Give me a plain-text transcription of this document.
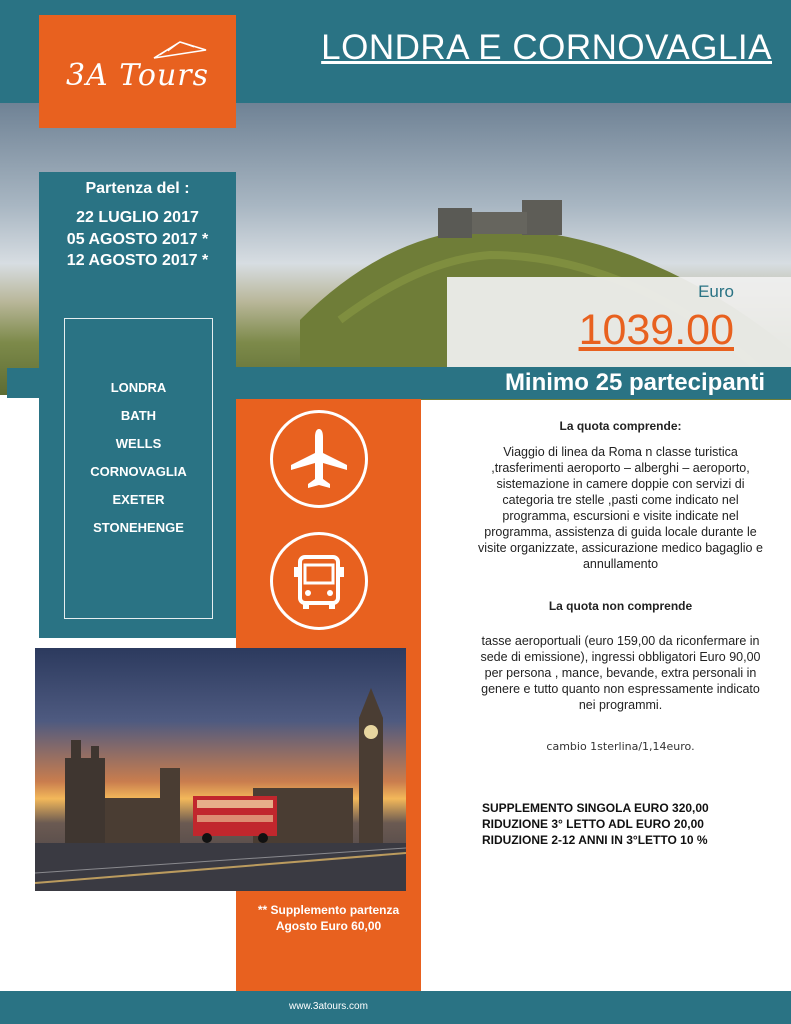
3A Tours
LONDRA E CORNOVAGLIA
Partenza del :
22 LUGLIO 2017
05 AGOSTO 2017 *
12 AGOSTO 2017 *
LONDRA
BATH
WELLS
CORNOVAGLIA
EXETER
STONEHENGE
Euro
1039.00
Minimo 25 partecipanti
** Supplemento partenza Agosto Euro 60,00
La quota comprende:
Viaggio di linea da Roma n classe turistica ,trasferimenti aeroporto – alberghi – aeroporto, sistemazione in camere doppie con servizi di categoria tre stelle ,pasti come indicato nel programma, escursioni e visite indicate nel programma, assistenza di guida locale durante le visite organizzate, assicurazione medico bagaglio e annullamento
La quota non comprende
tasse aeroportuali (euro 159,00 da riconfermare in sede di emissione), ingressi obbligatori Euro 90,00 per persona , mance, bevande, extra personali in genere e tutto quanto non espressamente indicato nei programmi.
cambio 1sterlina/1,14euro.
SUPPLEMENTO SINGOLA EURO 320,00
RIDUZIONE 3° LETTO ADL EURO 20,00
RIDUZIONE 2-12 ANNI IN 3°LETTO 10 %
www.3atours.com
